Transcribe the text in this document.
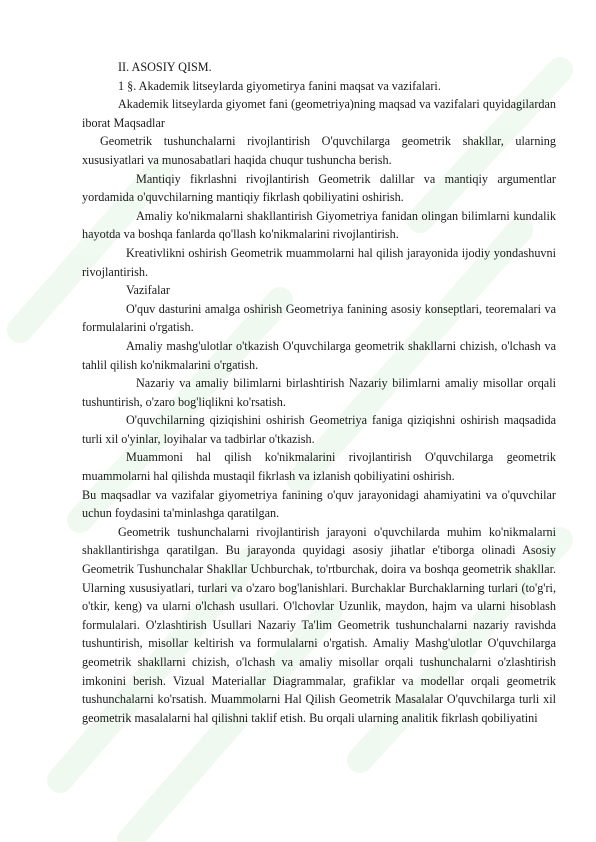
II. ASOSIY QISM.

1 §. Akademik litseylarda giyometirya fanini maqsat va vazifalari.

Akademik litseylarda giyomet fani (geometriya)ning maqsad va vazifalari quyidagilardan iborat Maqsadlar

Geometrik tushunchalarni rivojlantirish O'quvchilarga geometrik shakllar, ularning xususiyatlari va munosabatlari haqida chuqur tushuncha berish.

Mantiqiy fikrlashni rivojlantirish Geometrik dalillar va mantiqiy argumentlar yordamida o'quvchilarning mantiqiy fikrlash qobiliyatini oshirish.

Amaliy ko'nikmalarni shakllantirish Giyometriya fanidan olingan bilimlarni kundalik hayotda va boshqa fanlarda qo'llash ko'nikmalarini rivojlantirish.

Kreativlikni oshirish Geometrik muammolarni hal qilish jarayonida ijodiy yondashuvni rivojlantirish.

Vazifalar

O'quv dasturini amalga oshirish Geometriya fanining asosiy konseptlari, teoremalari va formulalarini o'rgatish.

Amaliy mashg'ulotlar o'tkazish O'quvchilarga geometrik shakllarni chizish, o'lchash va tahlil qilish ko'nikmalarini o'rgatish.

Nazariy va amaliy bilimlarni birlashtirish Nazariy bilimlarni amaliy misollar orqali tushuntirish, o'zaro bog'liqlikni ko'rsatish.

O'quvchilarning qiziqishini oshirish Geometriya faniga qiziqishni oshirish maqsadida turli xil o'yinlar, loyihalar va tadbirlar o'tkazish.

Muammoni hal qilish ko'nikmalarini rivojlantirish O'quvchilarga geometrik muammolarni hal qilishda mustaqil fikrlash va izlanish qobiliyatini oshirish.

Bu maqsadlar va vazifalar giyometriya fanining o'quv jarayonidagi ahamiyatini va o'quvchilar uchun foydasini ta'minlashga qaratilgan.

Geometrik tushunchalarni rivojlantirish jarayoni o'quvchilarda muhim ko'nikmalarni shakllantirishga qaratilgan. Bu jarayonda quyidagi asosiy jihatlar e'tiborga olinadi Asosiy Geometrik Tushunchalar Shakllar Uchburchak, to'rtburchak, doira va boshqa geometrik shakllar. Ularning xususiyatlari, turlari va o'zaro bog'lanishlari. Burchaklar Burchaklarning turlari (to'g'ri, o'tkir, keng) va ularni o'lchash usullari. O'lchovlar Uzunlik, maydon, hajm va ularni hisoblash formulalari. O'zlashtirish Usullari Nazariy Ta'lim Geometrik tushunchalarni nazariy ravishda tushuntirish, misollar keltirish va formulalarni o'rgatish. Amaliy Mashg'ulotlar O'quvchilarga geometrik shakllarni chizish, o'lchash va amaliy misollar orqali tushunchalarni o'zlashtirish imkonini berish. Vizual Materiallar Diagrammalar, grafiklar va modellar orqali geometrik tushunchalarni ko'rsatish. Muammolarni Hal Qilish Geometrik Masalalar O'quvchilarga turli xil geometrik masalalarni hal qilishni taklif etish. Bu orqali ularning analitik fikrlash qobiliyatini
